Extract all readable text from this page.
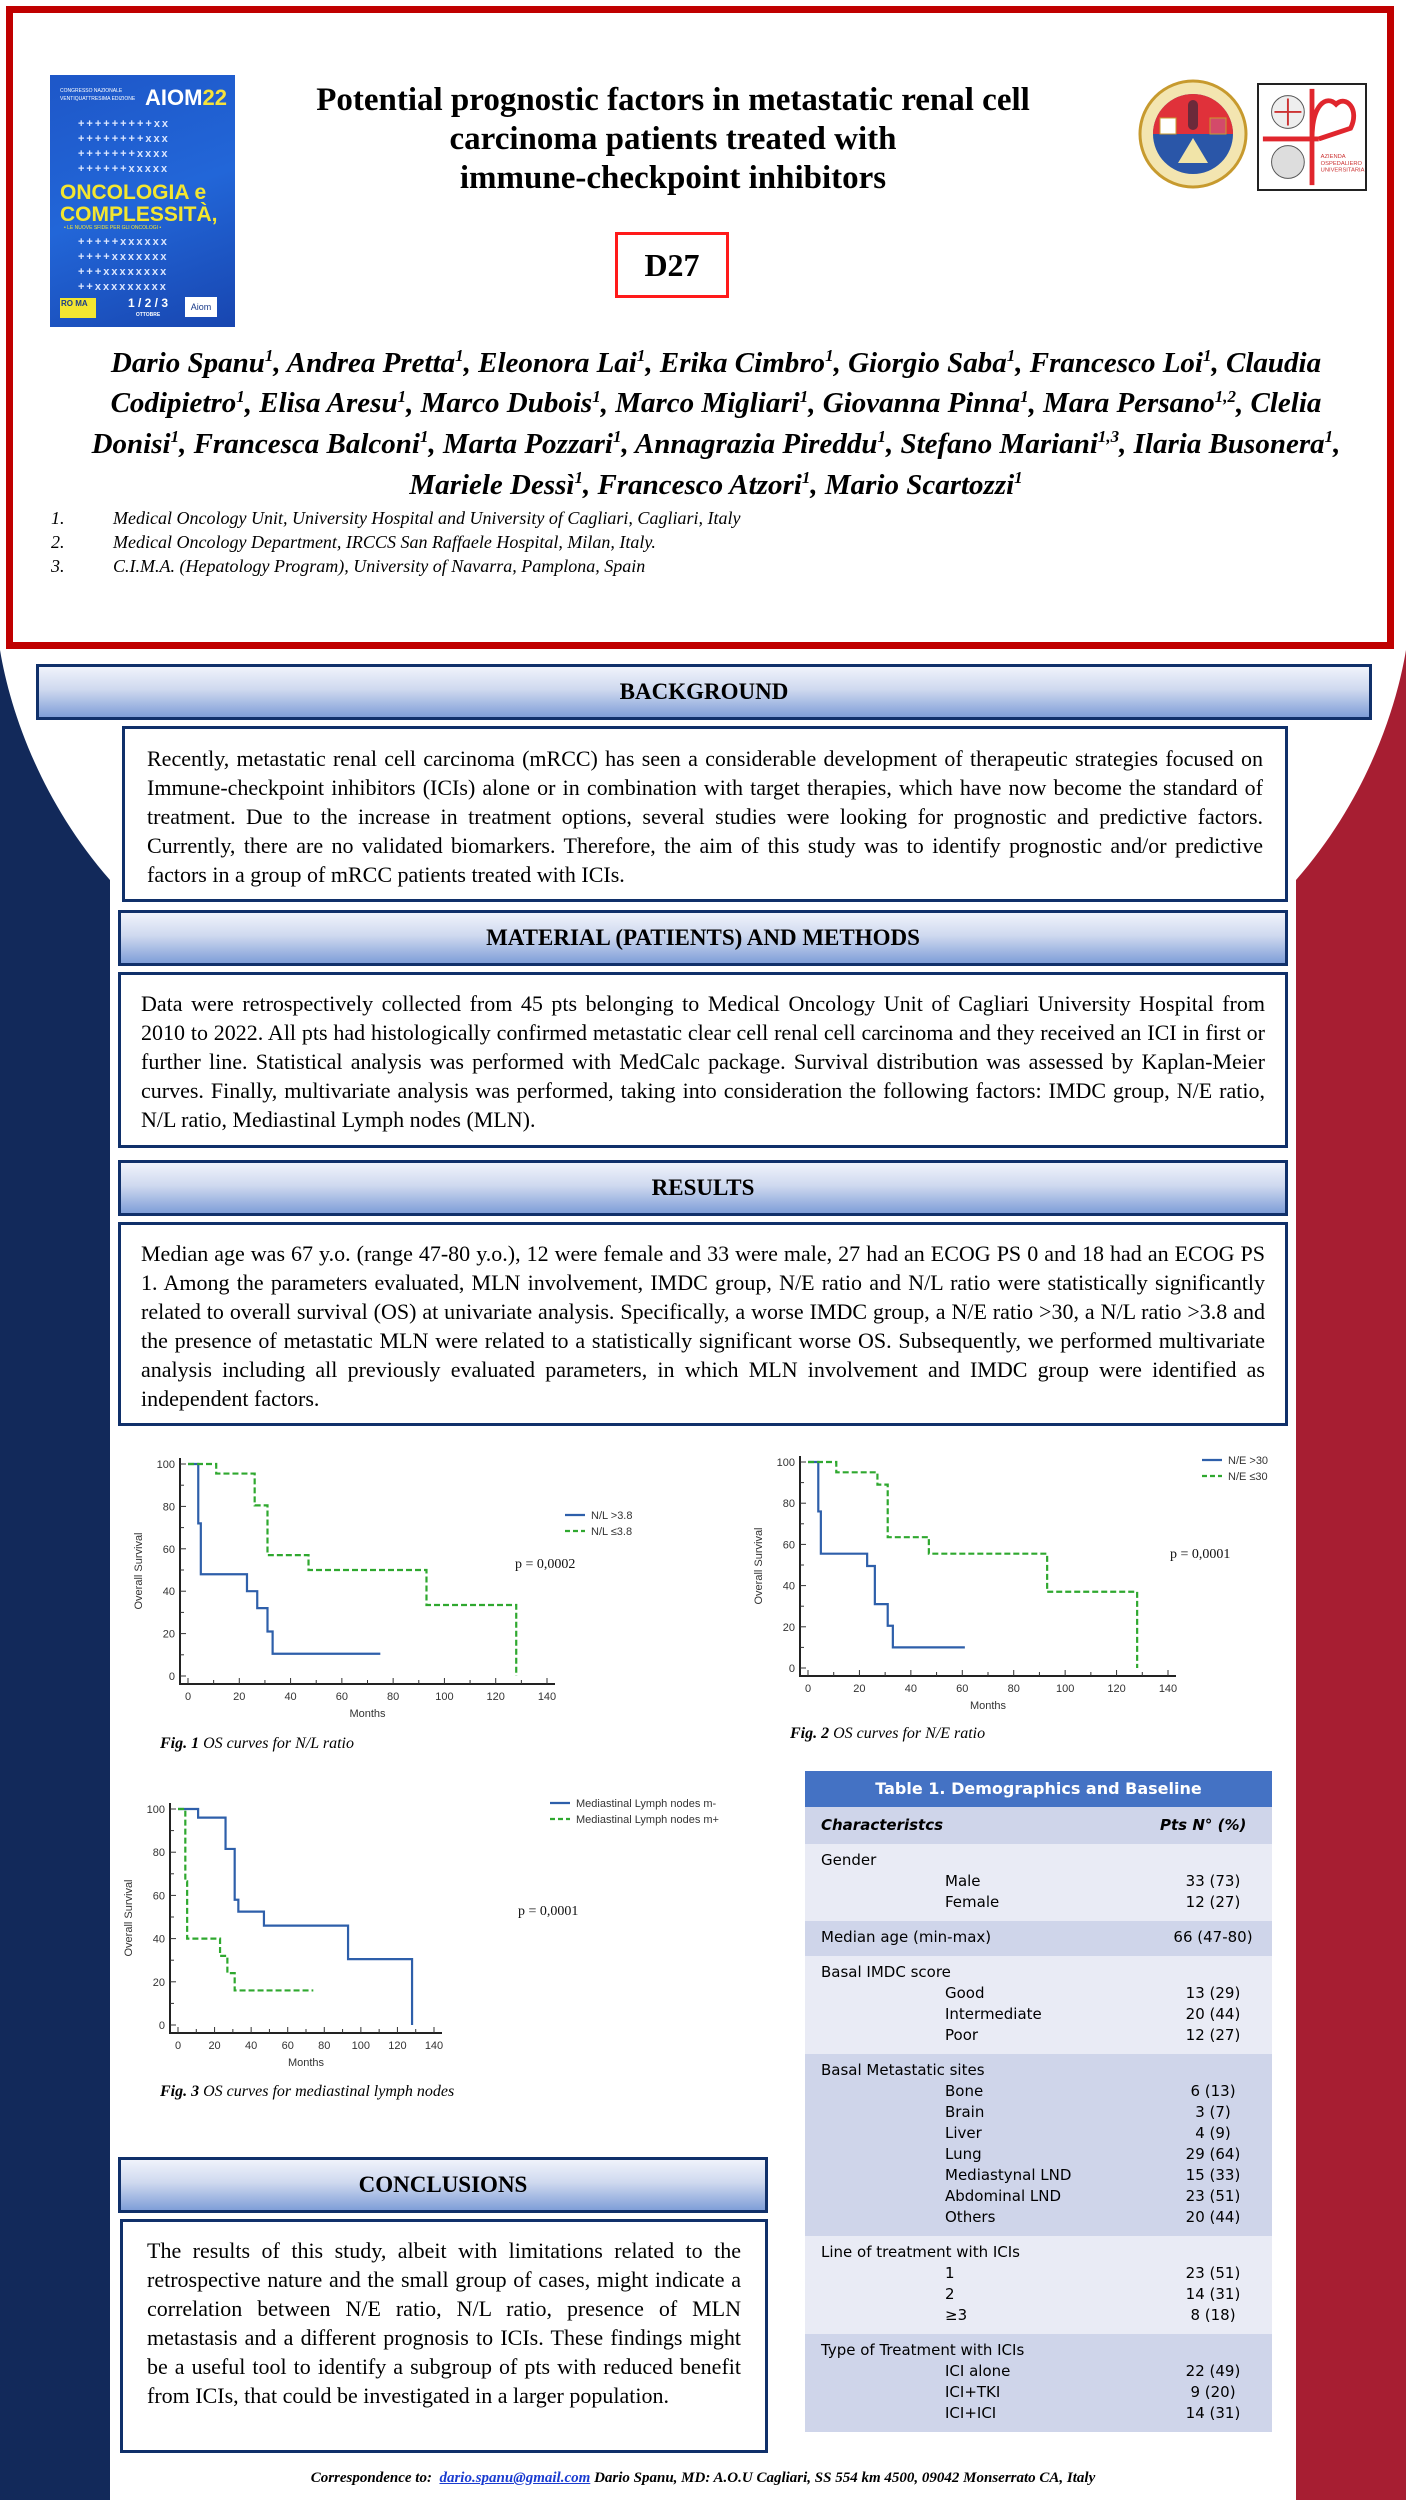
CONGRESSO NAZIONALE
VENTIQUATTRESIMA EDIZIONE AIOM22
+++++++++xx
++++++++xxx
+++++++xxxx
++++++xxxxx
ONCOLOGIA e
COMPLESSITÀ,
• LE NUOVE SFIDE PER GLI ONCOLOGI •
+++++xxxxxx
++++xxxxxxx
+++xxxxxxxx
++xxxxxxxxx
RO MA	1 / 2 / 3
OTTOBRE
Aiom
Potential prognostic factors in metastatic renal cell
carcinoma patients treated with
immune-checkpoint inhibitors
D27
AZIENDA
OSPEDALIERO
UNIVERSITARIA
Dario Spanu$^1$, Andrea Pretta$^1$, Eleonora Lai$^1$, Erika Cimbro$^1$, Giorgio Saba$^1$, Francesco Loi$^1$, Claudia Codipietro$^1$, Elisa Aresu$^1$, Marco Dubois$^1$, Marco Migliari$^1$, Giovanna Pinna$^1$, Mara Persano$^{1,2}$, Clelia Donisi$^1$, Francesca Balconi$^1$, Marta Pozzari$^1$, Annagrazia Pireddu$^1$, Stefano Mariani$^{1,3}$, Ilaria Busonera$^1$, Mariele Dessì$^1$, Francesco Atzori$^1$, Mario Scartozzi$^1$
1.	Medical Oncology Unit, University Hospital and University of Cagliari, Cagliari, Italy
2.	Medical Oncology Department, IRCCS San Raffaele Hospital, Milan, Italy.
3.	C.I.M.A. (Hepatology Program), University of Navarra, Pamplona, Spain
BACKGROUND
Recently, metastatic renal cell carcinoma (mRCC) has seen a considerable development of therapeutic strategies focused on Immune-checkpoint inhibitors (ICIs) alone or in combination with target therapies, which have now become the standard of treatment. Due to the increase in treatment options, several studies were looking for prognostic and predictive factors. Currently, there are no validated biomarkers. Therefore, the aim of this study was to identify prognostic and/or predictive factors in a group of mRCC patients treated with ICIs.
MATERIAL (PATIENTS) AND METHODS
Data were retrospectively collected from 45 pts belonging to Medical Oncology Unit of Cagliari University Hospital from 2010 to 2022. All pts had histologically confirmed metastatic clear cell renal cell carcinoma and they received an ICI in first or further line. Statistical analysis was performed with MedCalc package. Survival distribution was assessed by Kaplan-Meier curves. Finally, multivariate analysis was performed, taking into consideration the following factors: IMDC group, N/E ratio, N/L ratio, Mediastinal Lymph nodes (MLN).
RESULTS
Median age was 67 y.o. (range 47-80 y.o.), 12 were female and 33 were male, 27 had an ECOG PS 0 and 18 had an ECOG PS 1. Among the parameters evaluated, MLN involvement, IMDC group, N/E ratio and N/L ratio were statistically significantly related to overall survival (OS) at univariate analysis. Specifically, a worse IMDC group, a N/E ratio >30, a N/L ratio >3.8 and the presence of metastatic MLN were related to a statistically significant worse OS. Subsequently, we performed multivariate analysis including all previously evaluated parameters, in which MLN involvement and IMDC group were identified as independent factors.
0
20
40
60
80
100
0	20	40	60	80	100	120	140
Months
Overall Survival
N/L >3.8
N/L ≤3.8
p = 0,0002
Fig. 1 OS curves for N/L ratio
0
20
40
60
80
100
0	20	40	60	80	100	120	140
Months
Overall Survival
N/E >30
N/E ≤30
p = 0,0001
Fig. 2 OS curves for N/E ratio
0
20
40
60
80
100
0 20 40 60 80 100 120 140
Months
Overall Survival
Mediastinal Lymph nodes m-
Mediastinal Lymph nodes m+
p = 0,0001
Fig. 3 OS curves for mediastinal lymph nodes
Table 1. Demographics and Baseline
Characteristcs	Pts N° (%)
Gender
Male	33 (73)
Female	12 (27)
Median age (min-max)	66 (47-80)
Basal IMDC score
Good	13 (29)
Intermediate	20 (44)
Poor	12 (27)
Basal Metastatic sites
Bone	6 (13)
Brain	3 (7)
Liver	4 (9)
Lung	29 (64)
Mediastynal LND	15 (33)
Abdominal LND	23 (51)
Others	20 (44)
Line of treatment with ICIs
1	23 (51)
2	14 (31)
≥3	8 (18)
Type of Treatment with ICIs
ICI alone	22 (49)
ICI+TKI	9 (20)
ICI+ICI	14 (31)
CONCLUSIONS
The results of this study, albeit with limitations related to the retrospective nature and the small group of cases, might indicate a correlation between N/E ratio, N/L ratio, presence of MLN metastasis and a different prognosis to ICIs. These findings might be a useful tool to identify a subgroup of pts with reduced benefit from ICIs, that could be investigated in a larger population.
Correspondence to: dario.spanu@gmail.com Dario Spanu, MD: A.O.U Cagliari, SS 554 km 4500, 09042 Monserrato CA, Italy
